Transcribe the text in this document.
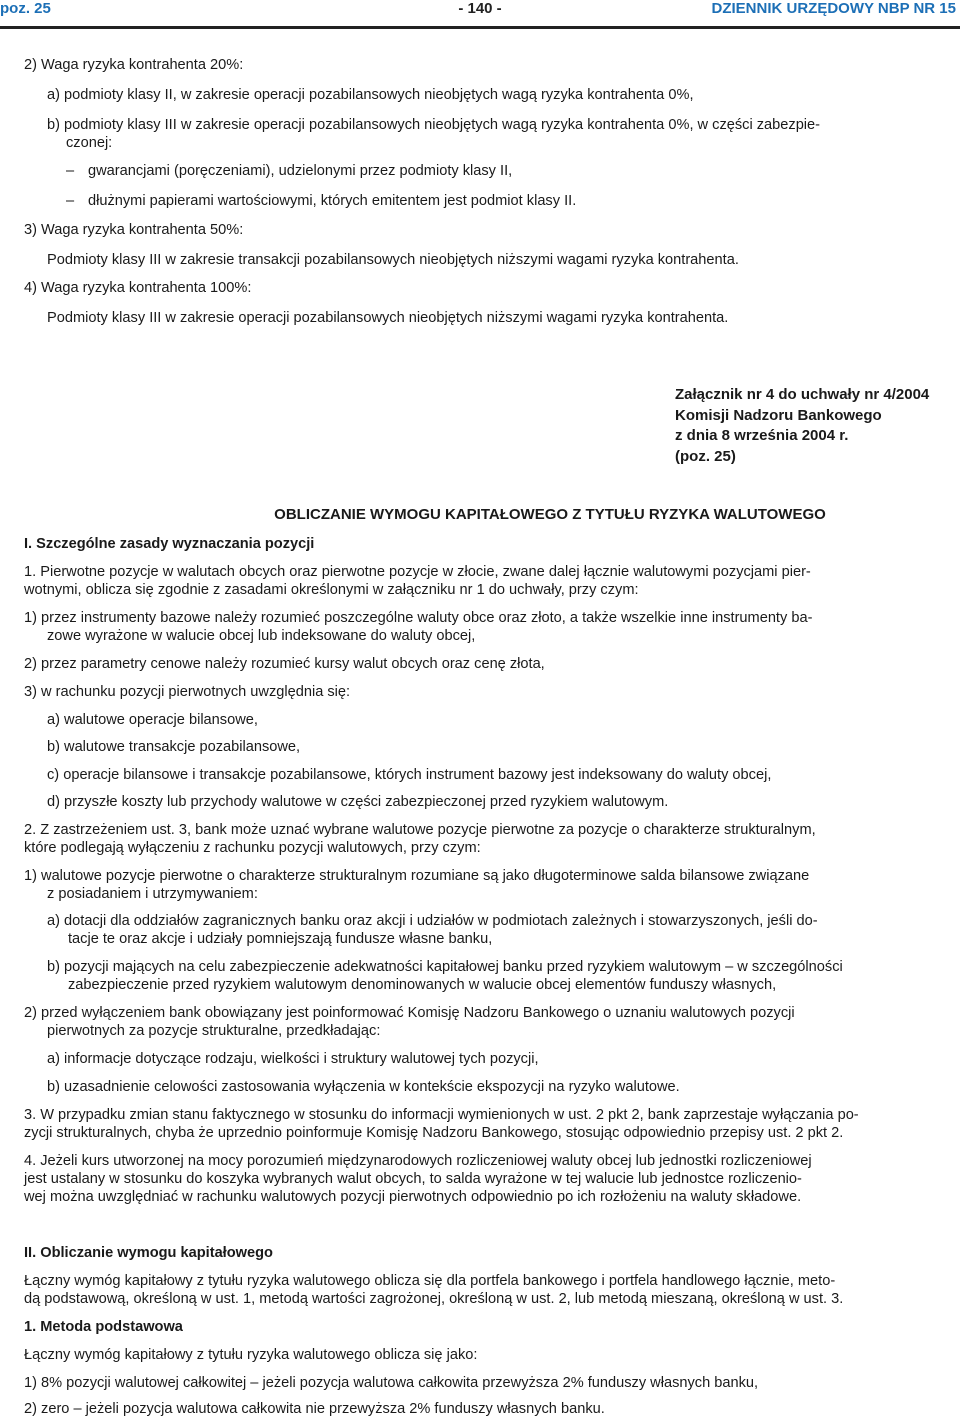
- 140 -
poz. 25	DZIENNIK URZĘDOWY NBP NR 15
2) Waga ryzyka kontrahenta 20%:
a) podmioty klasy II, w zakresie operacji pozabilansowych nieobjętych wagą ryzyka kontrahenta 0%,
b) podmioty klasy III w zakresie operacji pozabilansowych nieobjętych wagą ryzyka kontrahenta 0%, w części zabezpie-
czonej:
– gwarancjami (poręczeniami), udzielonymi przez podmioty klasy II,
– dłużnymi papierami wartościowymi, których emitentem jest podmiot klasy II.
3) Waga ryzyka kontrahenta 50%:
Podmioty klasy III w zakresie transakcji pozabilansowych nieobjętych niższymi wagami ryzyka kontrahenta.
4) Waga ryzyka kontrahenta 100%:
Podmioty klasy III w zakresie operacji pozabilansowych nieobjętych niższymi wagami ryzyka kontrahenta.
Załącznik nr 4 do uchwały nr 4/2004
Komisji Nadzoru Bankowego
z dnia 8 września 2004 r.
(poz. 25)
OBLICZANIE WYMOGU KAPITAŁOWEGO Z TYTUŁU RYZYKA WALUTOWEGO
I. Szczególne zasady wyznaczania pozycji
1. Pierwotne pozycje w walutach obcych oraz pierwotne pozycje w złocie, zwane dalej łącznie walutowymi pozycjami pier-
wotnymi, oblicza się zgodnie z zasadami określonymi w załączniku nr 1 do uchwały, przy czym:
1) przez instrumenty bazowe należy rozumieć poszczególne waluty obce oraz złoto, a także wszelkie inne instrumenty ba-
zowe wyrażone w walucie obcej lub indeksowane do waluty obcej,
2) przez parametry cenowe należy rozumieć kursy walut obcych oraz cenę złota,
3) w rachunku pozycji pierwotnych uwzględnia się:
a) walutowe operacje bilansowe,
b) walutowe transakcje pozabilansowe,
c) operacje bilansowe i transakcje pozabilansowe, których instrument bazowy jest indeksowany do waluty obcej,
d) przyszłe koszty lub przychody walutowe w części zabezpieczonej przed ryzykiem walutowym.
2. Z zastrzeżeniem ust. 3, bank może uznać wybrane walutowe pozycje pierwotne za pozycje o charakterze strukturalnym,
które podlegają wyłączeniu z rachunku pozycji walutowych, przy czym:
1) walutowe pozycje pierwotne o charakterze strukturalnym rozumiane są jako długoterminowe salda bilansowe związane
z posiadaniem i utrzymywaniem:
a) dotacji dla oddziałów zagranicznych banku oraz akcji i udziałów w podmiotach zależnych i stowarzyszonych, jeśli do-
tacje te oraz akcje i udziały pomniejszają fundusze własne banku,
b) pozycji mających na celu zabezpieczenie adekwatności kapitałowej banku przed ryzykiem walutowym – w szczególności
zabezpieczenie przed ryzykiem walutowym denominowanych w walucie obcej elementów funduszy własnych,
2) przed wyłączeniem bank obowiązany jest poinformować Komisję Nadzoru Bankowego o uznaniu walutowych pozycji
pierwotnych za pozycje strukturalne, przedkładając:
a) informacje dotyczące rodzaju, wielkości i struktury walutowej tych pozycji,
b) uzasadnienie celowości zastosowania wyłączenia w kontekście ekspozycji na ryzyko walutowe.
3. W przypadku zmian stanu faktycznego w stosunku do informacji wymienionych w ust. 2 pkt 2, bank zaprzestaje wyłączania po-
zycji strukturalnych, chyba że uprzednio poinformuje Komisję Nadzoru Bankowego, stosując odpowiednio przepisy ust. 2 pkt 2.
4. Jeżeli kurs utworzonej na mocy porozumień międzynarodowych rozliczeniowej waluty obcej lub jednostki rozliczeniowej
jest ustalany w stosunku do koszyka wybranych walut obcych, to salda wyrażone w tej walucie lub jednostce rozliczenio-
wej można uwzględniać w rachunku walutowych pozycji pierwotnych odpowiednio po ich rozłożeniu na waluty składowe.
II. Obliczanie wymogu kapitałowego
Łączny wymóg kapitałowy z tytułu ryzyka walutowego oblicza się dla portfela bankowego i portfela handlowego łącznie, meto-
dą podstawową, określoną w ust. 1, metodą wartości zagrożonej, określoną w ust. 2, lub metodą mieszaną, określoną w ust. 3.
1. Metoda podstawowa
Łączny wymóg kapitałowy z tytułu ryzyka walutowego oblicza się jako:
1) 8% pozycji walutowej całkowitej – jeżeli pozycja walutowa całkowita przewyższa 2% funduszy własnych banku,
2) zero – jeżeli pozycja walutowa całkowita nie przewyższa 2% funduszy własnych banku.
